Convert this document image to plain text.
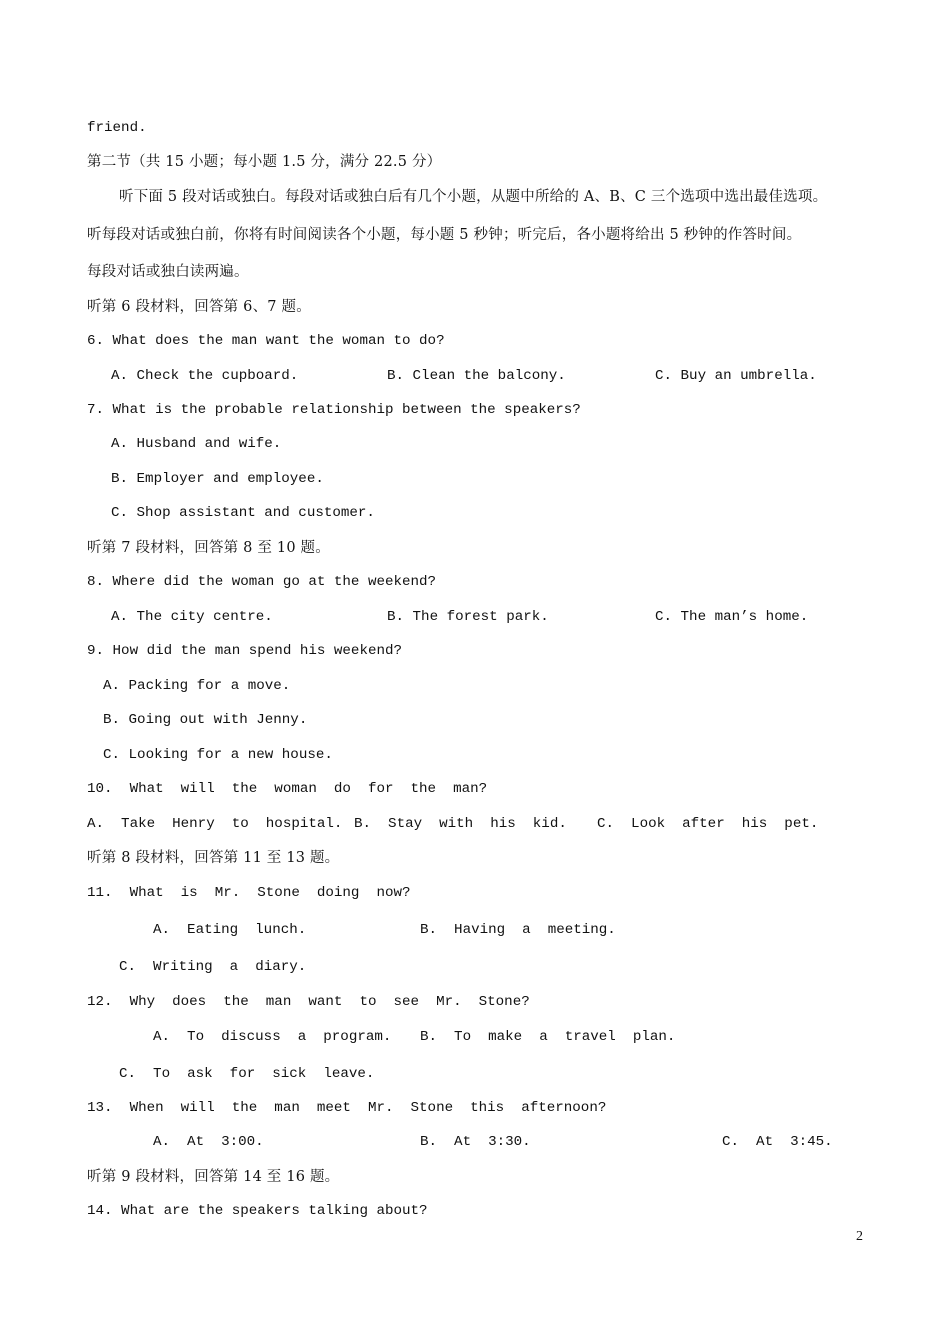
friend.
第二节（共 15 小题；每小题 1.5 分，满分 22.5 分）
听下面 5 段对话或独白。每段对话或独白后有几个小题，从题中所给的 A、B、C 三个选项中选出最佳选项。
听每段对话或独白前，你将有时间阅读各个小题，每小题 5 秒钟；听完后，各小题将给出 5 秒钟的作答时间。
每段对话或独白读两遍。
听第 6 段材料，回答第 6、7 题。
6. What does the man want the woman to do?
A. Check the cupboard.	B. Clean the balcony.	C. Buy an umbrella.
7. What is the probable relationship between the speakers?
A. Husband and wife.
B. Employer and employee.
C. Shop assistant and customer.
听第 7 段材料，回答第 8 至 10 题。
8. Where did the woman go at the weekend?
A. The city centre.	B. The forest park.	C. The man’s home.
9. How did the man spend his weekend?
A. Packing for a move.
B. Going out with Jenny.
C. Looking for a new house.
10.  What  will  the  woman  do  for  the  man?
A.  Take  Henry  to  hospital. B.  Stay  with  his  kid. C.  Look  after  his  pet.
听第 8 段材料，回答第 11 至 13 题。
11.  What  is  Mr.  Stone  doing  now?
A.  Eating  lunch.	B.  Having  a  meeting.
C.  Writing  a  diary.
12.  Why  does  the  man  want  to  see  Mr.  Stone?
A.  To  discuss  a  program. B.  To  make  a  travel  plan.
C.  To  ask  for  sick  leave.
13.  When  will  the  man  meet  Mr.  Stone  this  afternoon?
A.  At  3:00.	B.  At  3:30.	C.  At  3:45.
听第 9 段材料，回答第 14 至 16 题。
14. What are the speakers talking about?
2
